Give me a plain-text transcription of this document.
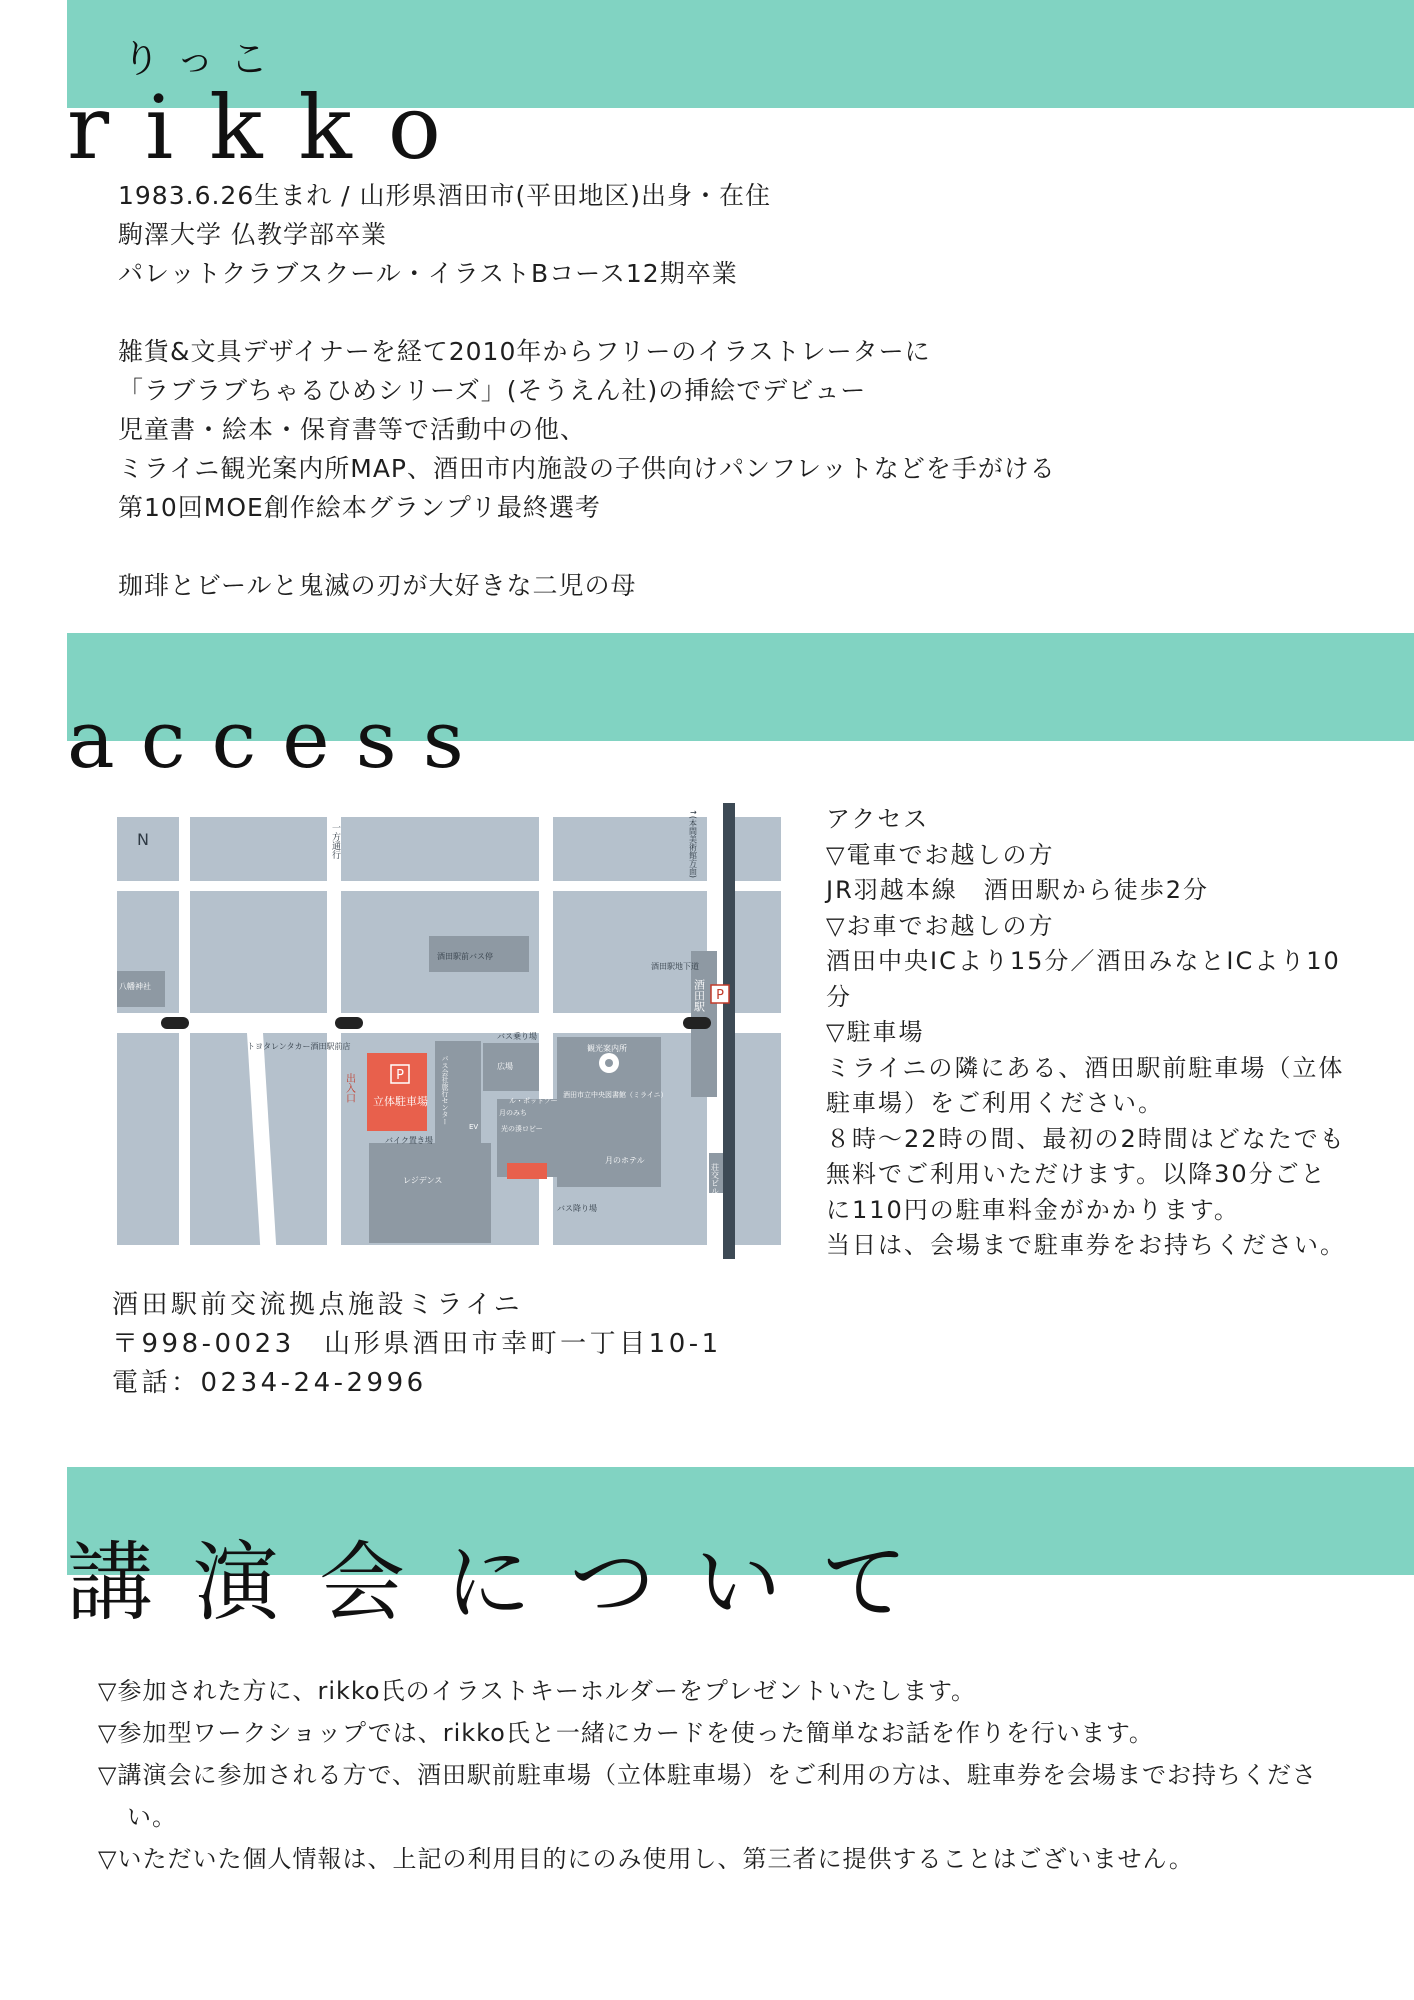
りっこ
rikko

1983.6.26生まれ / 山形県酒田市(平田地区)出身・在住
駒澤大学 仏教学部卒業
パレットクラブスクール・イラストBコース12期卒業

雑貨&文具デザイナーを経て2010年からフリーのイラストレーターに
「ラブラブちゃるひめシリーズ」(そうえん社)の挿絵でデビュー
児童書・絵本・保育書等で活動中の他、
ミライニ観光案内所MAP、酒田市内施設の子供向けパンフレットなどを手がける
第10回MOE創作絵本グランプリ最終選考

珈琲とビールと鬼滅の刃が大好きな二児の母

access
P
立体駐車場
出入口
P
N	一方通行	↑(本間美術館方面)
酒田駅前バス停
酒田駅地下道
八幡神社
トヨタレンタカー酒田駅前店
バス乗り場
広場
観光案内所
酒田市立中央図書館（ミライニ）
月のホテル
バイク置き場
レジデンス
バス降り場
酒田駅
荘交ビル
EV	光の湊ロビー
月のみち
バス会社旅行センター	ル・ポットフー

アクセス
▽電車でお越しの方
JR羽越本線　酒田駅から徒歩2分
▽お車でお越しの方
酒田中央ICより15分／酒田みなとICより10分
▽駐車場
ミライニの隣にある、酒田駅前駐車場（立体駐車場）をご利用ください。
８時〜22時の間、最初の2時間はどなたでも無料でご利用いただけます。以降30分ごとに110円の駐車料金がかかります。
当日は、会場まで駐車券をお持ちください。

酒田駅前交流拠点施設ミライニ
〒998-0023　山形県酒田市幸町一丁目10-1
電話：0234-24-2996

講演会について
▽参加された方に、rikko氏のイラストキーホルダーをプレゼントいたします。
▽参加型ワークショップでは、rikko氏と一緒にカードを使った簡単なお話を作りを行います。
▽講演会に参加される方で、酒田駅前駐車場（立体駐車場）をご利用の方は、駐車券を会場までお持ちください。
▽いただいた個人情報は、上記の利用目的にのみ使用し、第三者に提供することはございません。
